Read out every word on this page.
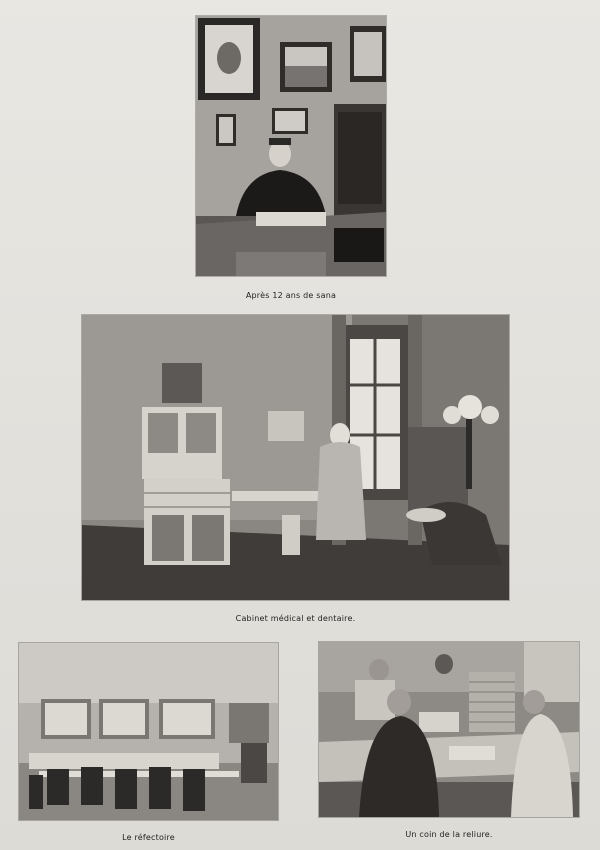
Après 12 ans de sana
Cabinet médical et dentaire.
Le réfectoire	Un coin de la reliure.
